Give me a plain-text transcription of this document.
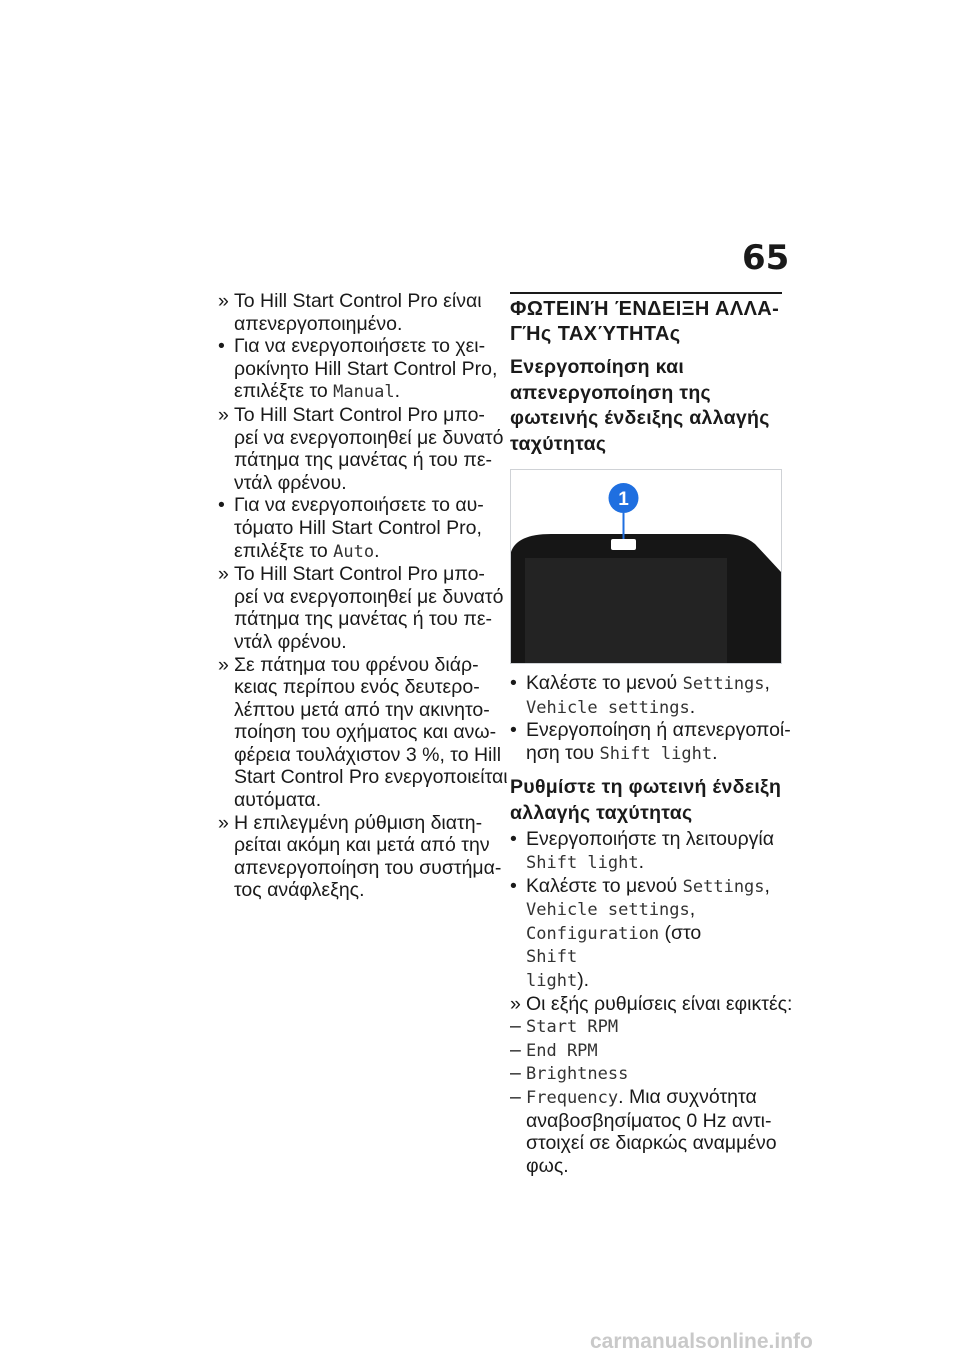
65
» Το Hill Start Control Pro είναι
απενεργοποιημένο.
• Για να ενεργοποιήσετε το χει-
ροκίνητο Hill Start Control Pro,
επιλέξτε το Manual.
» Το Hill Start Control Pro μπο-
ρεί να ενεργοποιηθεί με δυνατό
πάτημα της μανέτας ή του πε-
ντάλ φρένου.
• Για να ενεργοποιήσετε το αυ-
τόματο Hill Start Control Pro,
επιλέξτε το Auto.
» Το Hill Start Control Pro μπο-
ρεί να ενεργοποιηθεί με δυνατό
πάτημα της μανέτας ή του πε-
ντάλ φρένου.
» Σε πάτημα του φρένου διάρ-
κειας περίπου ενός δευτερο-
λέπτου μετά από την ακινητο-
ποίηση του οχήματος και ανω-
φέρεια τουλάχιστον 3 %, το Hill
Start Control Pro ενεργοποιείται
αυτόματα.
» Η επιλεγμένη ρύθμιση διατη-
ρείται ακόμη και μετά από την
απενεργοποίηση του συστήμα-
τος ανάφλεξης.
ΦΩΤΕΙΝΉ ΈΝΔΕΙΞΗ ΑΛΛΑ-
ΓΉς ΤΑΧΎΤΗΤΑς
Ενεργοποίηση και
απενεργοποίηση της
φωτεινής ένδειξης αλλαγής
ταχύτητας
1
• Καλέστε το μενού Settings,
Vehicle settings.
• Ενεργοποίηση ή απενεργοποί-
ηση του Shift light.
Ρυθμίστε τη φωτεινή ένδειξη
αλλαγής ταχύτητας
• Ενεργοποιήστε τη λειτουργία
Shift light.
• Καλέστε το μενού Settings,
Vehicle settings,
Configuration (στο
Shift
light).
» Οι εξής ρυθμίσεις είναι εφικτές:
– Start RPM
– End RPM
– Brightness
– Frequency. Μια συχνότητα
αναβοσβησίματος 0 Hz αντι-
στοιχεί σε διαρκώς αναμμένο
φως.
carmanualsonline.info
